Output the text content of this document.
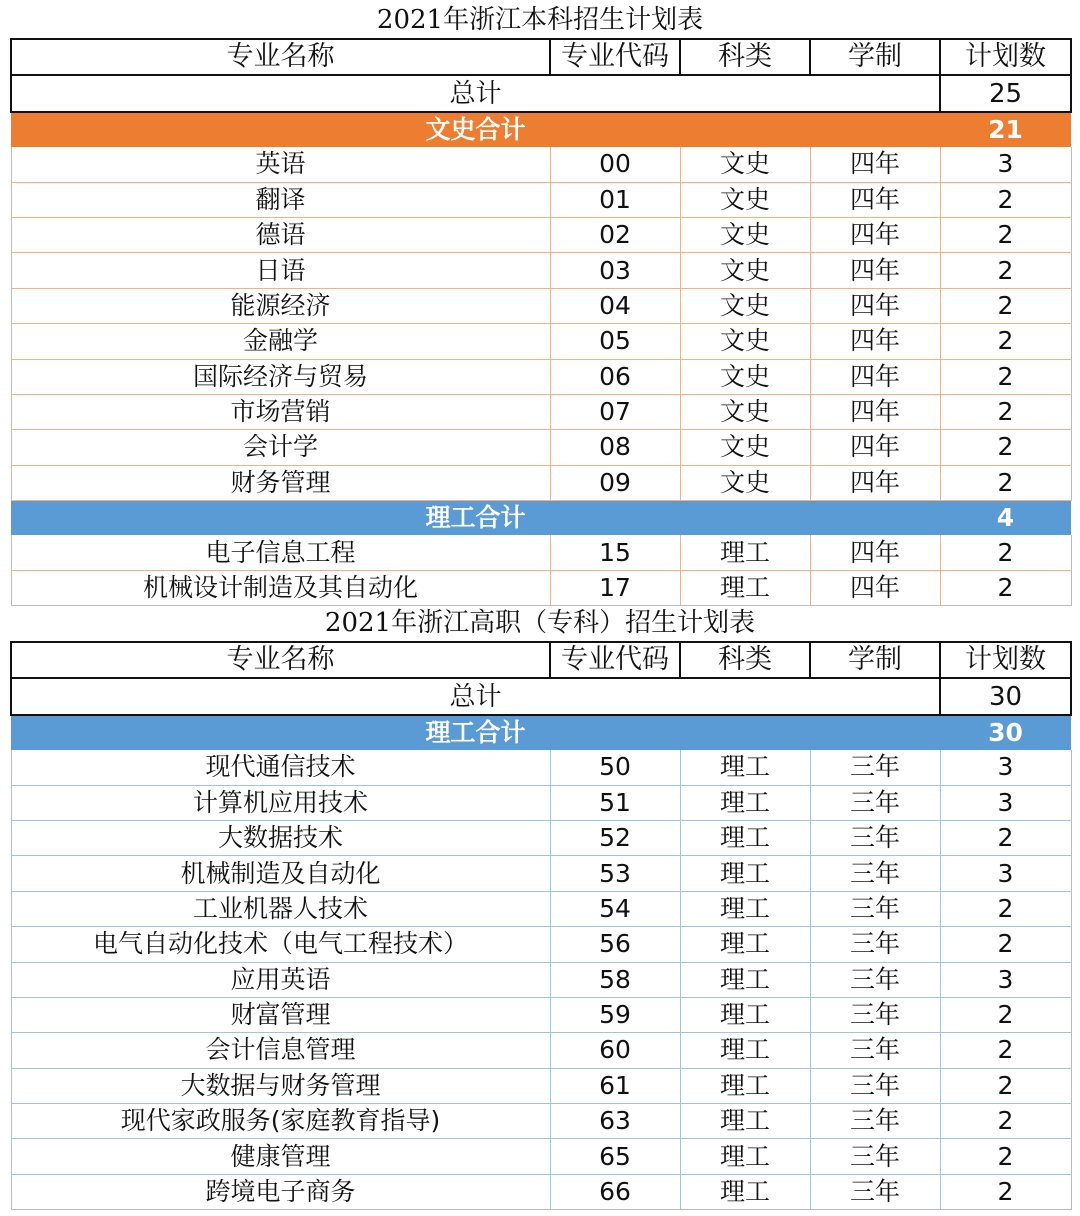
2021年浙江本科招生计划表
专业名称	专业代码	科类	学制	计划数
总计				25
文史合计				21
英语	00	文史	四年	3
翻译	01	文史	四年	2
德语	02	文史	四年	2
日语	03	文史	四年	2
能源经济	04	文史	四年	2
金融学	05	文史	四年	2
国际经济与贸易	06	文史	四年	2
市场营销	07	文史	四年	2
会计学	08	文史	四年	2
财务管理	09	文史	四年	2
理工合计				4
电子信息工程	15	理工	四年	2
机械设计制造及其自动化	17	理工	四年	2
2021年浙江高职（专科）招生计划表
专业名称	专业代码	科类	学制	计划数
总计				30
理工合计				30
现代通信技术	50	理工	三年	3
计算机应用技术	51	理工	三年	3
大数据技术	52	理工	三年	2
机械制造及自动化	53	理工	三年	3
工业机器人技术	54	理工	三年	2
电气自动化技术（电气工程技术）	56	理工	三年	2
应用英语	58	理工	三年	3
财富管理	59	理工	三年	2
会计信息管理	60	理工	三年	2
大数据与财务管理	61	理工	三年	2
现代家政服务(家庭教育指导)	63	理工	三年	2
健康管理	65	理工	三年	2
跨境电子商务	66	理工	三年	2
